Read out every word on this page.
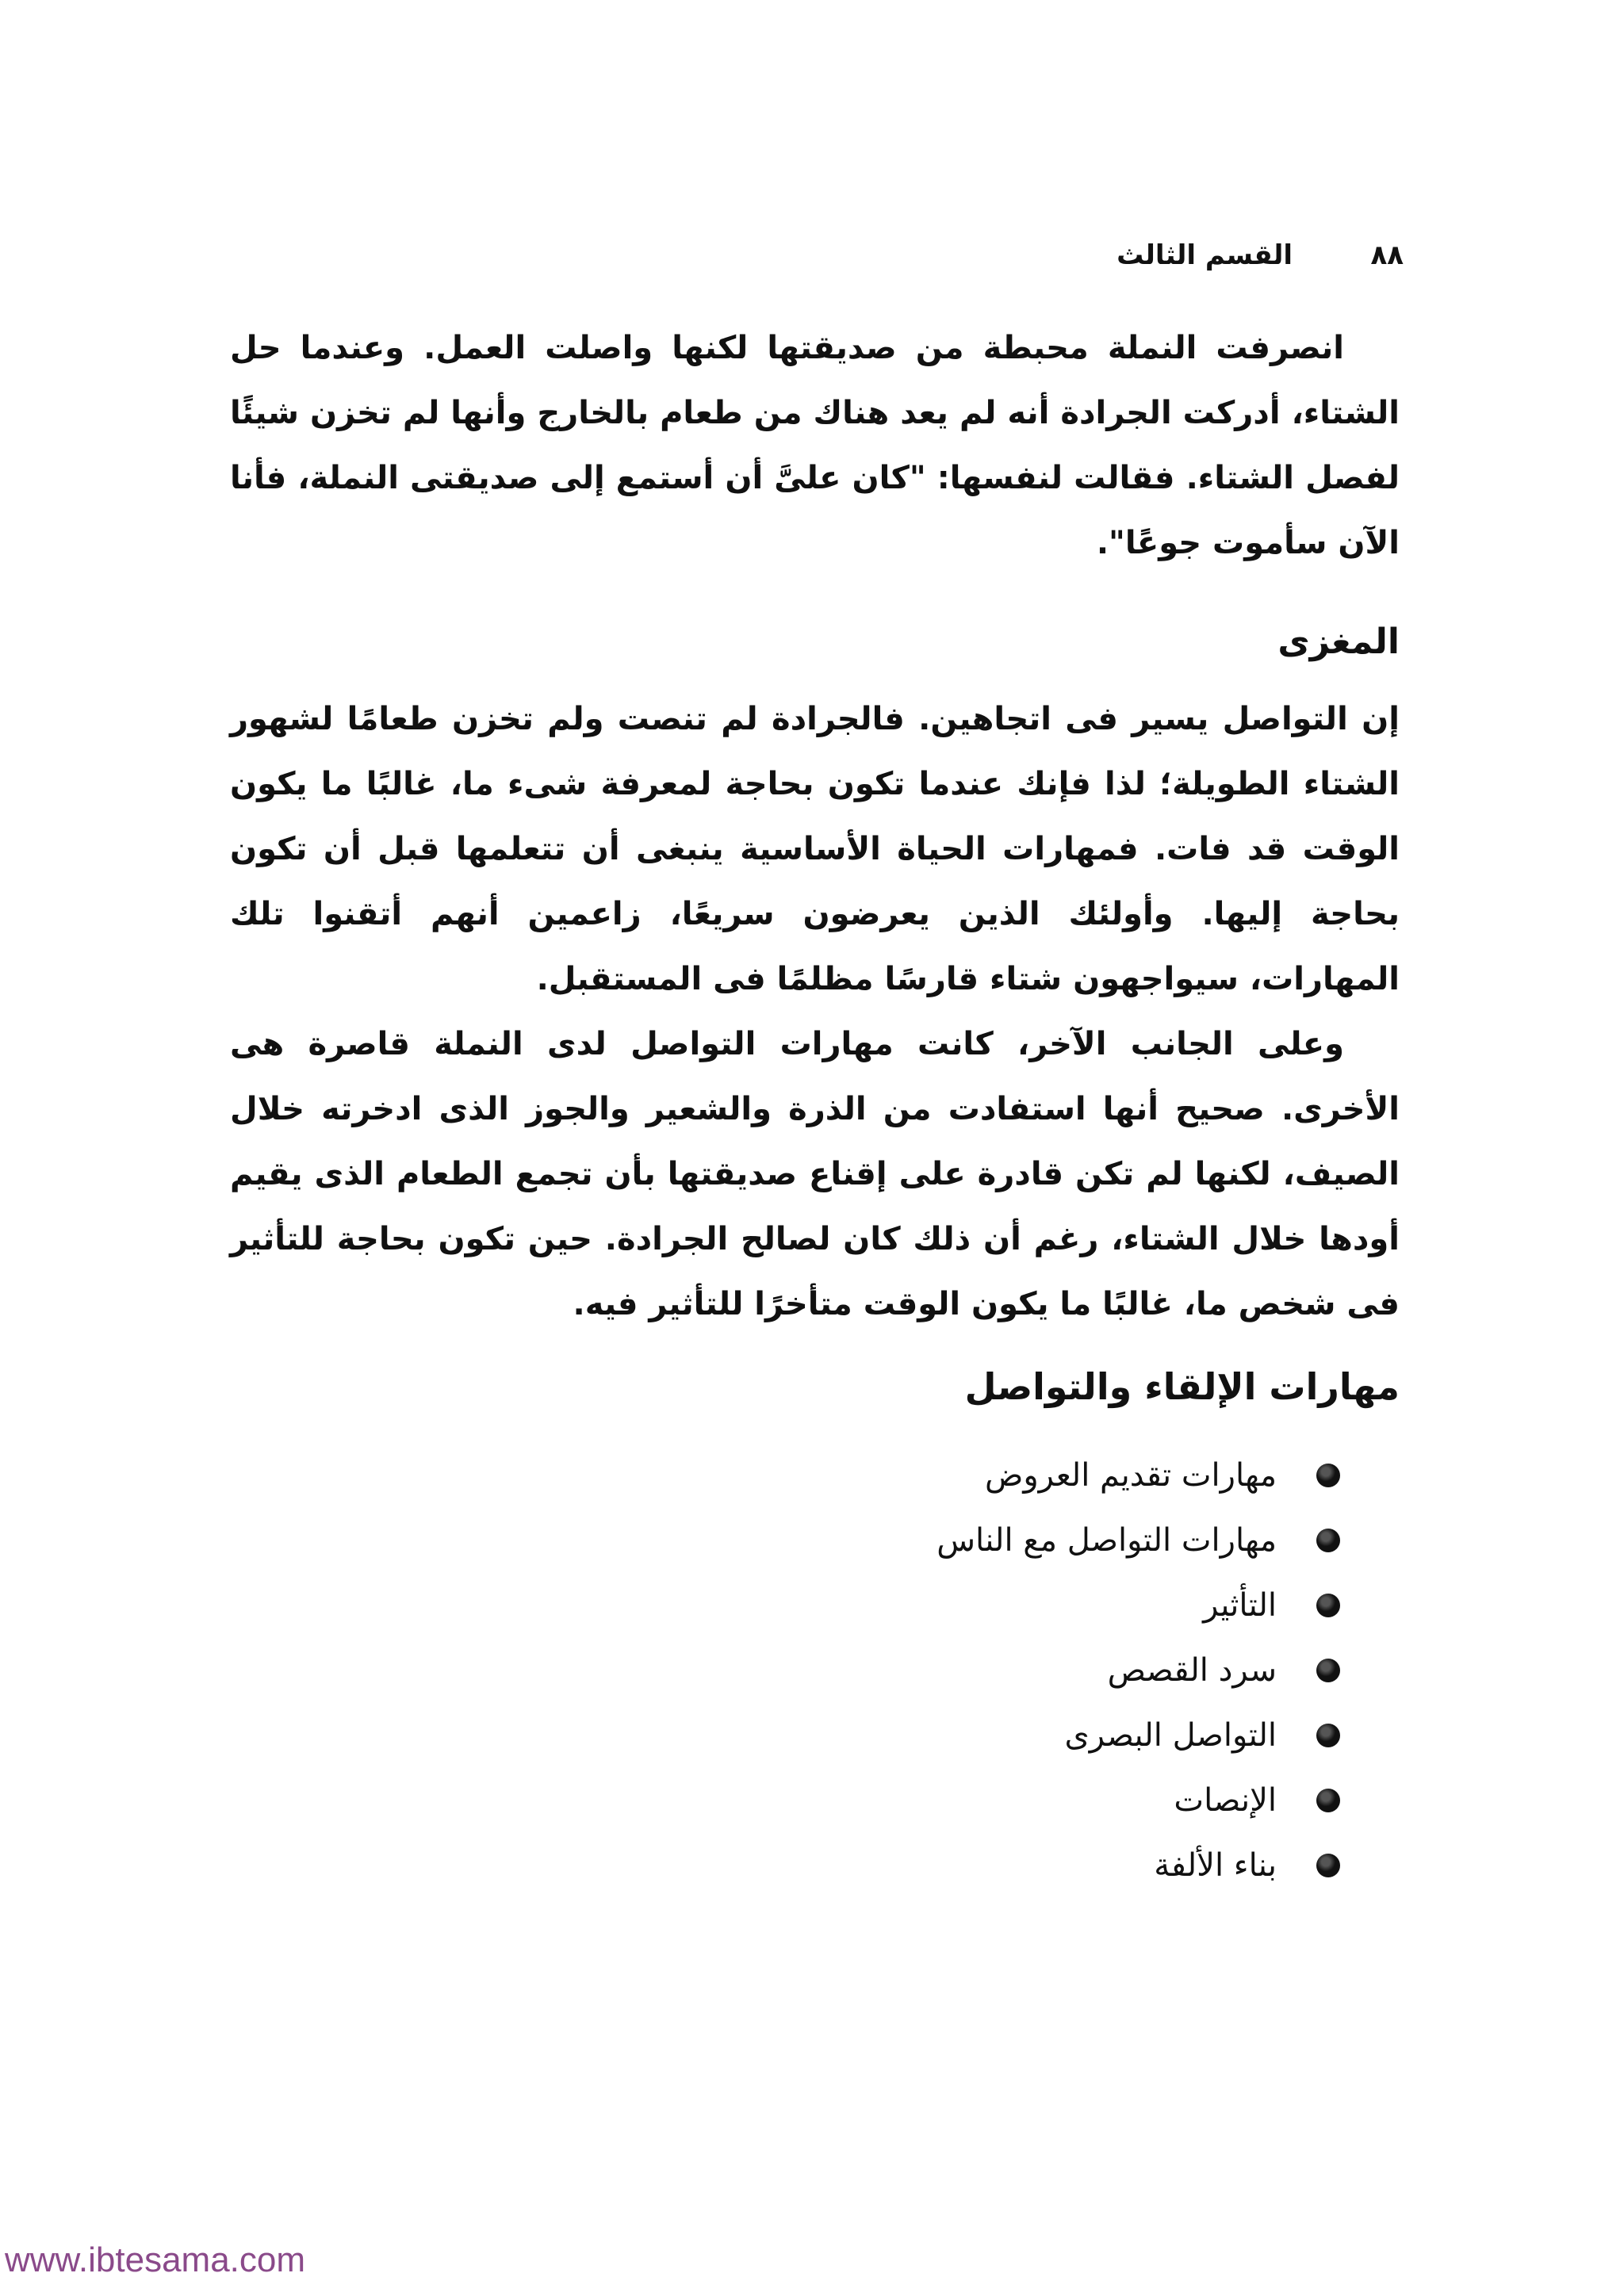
٨٨
القسم الثالث

انصرفت النملة محبطة من صديقتها لكنها واصلت العمل. وعندما حل الشتاء، أدركت الجرادة أنه لم يعد هناك من طعام بالخارج وأنها لم تخزن شيئًا لفصل الشتاء. فقالت لنفسها: "كان علىَّ أن أستمع إلى صديقتى النملة، فأنا الآن سأموت جوعًا".

المغزى

إن التواصل يسير فى اتجاهين. فالجرادة لم تنصت ولم تخزن طعامًا لشهور الشتاء الطويلة؛ لذا فإنك عندما تكون بحاجة لمعرفة شىء ما، غالبًا ما يكون الوقت قد فات. فمهارات الحياة الأساسية ينبغى أن تتعلمها قبل أن تكون بحاجة إليها. وأولئك الذين يعرضون سريعًا، زاعمين أنهم أتقنوا تلك المهارات، سيواجهون شتاء قارسًا مظلمًا فى المستقبل.

وعلى الجانب الآخر، كانت مهارات التواصل لدى النملة قاصرة هى الأخرى. صحيح أنها استفادت من الذرة والشعير والجوز الذى ادخرته خلال الصيف، لكنها لم تكن قادرة على إقناع صديقتها بأن تجمع الطعام الذى يقيم أودها خلال الشتاء، رغم أن ذلك كان لصالح الجرادة. حين تكون بحاجة للتأثير فى شخص ما، غالبًا ما يكون الوقت متأخرًا للتأثير فيه.

مهارات الإلقاء والتواصل
مهارات تقديم العروض
مهارات التواصل مع الناس
التأثير
سرد القصص
التواصل البصرى
الإنصات
بناء الألفة
www.ibtesama.com
